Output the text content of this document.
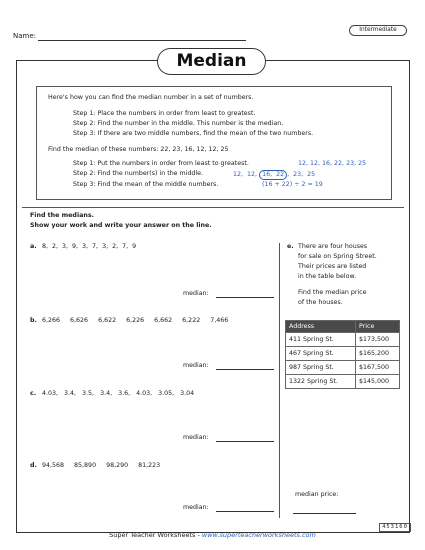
Name:
Intermediate
Median
Here's how you can find the median number in a set of numbers.
Step 1: Place the numbers in order from least to greatest.
Step 2: Find the number in the middle. This number is the median.
Step 3: If there are two middle numbers, find the mean of the two numbers.
Find the median of these numbers: 22, 23, 16, 12, 12, 25
Step 1: Put the numbers in order from least to greatest.	12, 12, 16, 22, 23, 25
Step 2: Find the number(s) in the middle.	12,  12, 16,  22 ,  23,  25
Step 3: Find the mean of the middle numbers.	(16 + 22) ÷ 2 = 19
Find the medians.
Show your work and write your answer on the line.
a. 8,  2,  3,  9,  3,  7,  3,  2,  7,  9
median:
b. 6,266     6,626     6,622     6,226     6,662     6,222     7,466
median:
c. 4.03,   3.4,   3.5,   3.4,   3.6,   4.03,   3.05,   3.04
median:
d. 94,568     85,890     98,290     81,223
median:
e. There are four houses
for sale on Spring Street.
Their prices are listed
in the table below.
Find the median price
of the houses.
Address	Price
411 Spring St.	$173,500
467 Spring St.	$165,200
987 Spring St.	$167,500
1322 Spring St.	$145,000
median price:
Super Teacher Worksheets - www.superteacherworksheets.com
453160
